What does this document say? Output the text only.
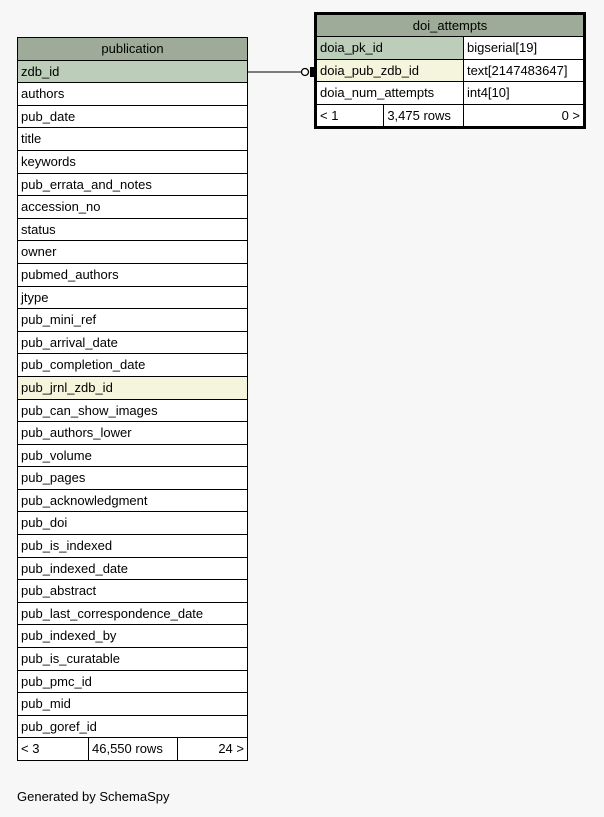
publication
zdb_id
authors
pub_date
title
keywords
pub_errata_and_notes
accession_no
status
owner
pubmed_authors
jtype
pub_mini_ref
pub_arrival_date
pub_completion_date
pub_jrnl_zdb_id
pub_can_show_images
pub_authors_lower
pub_volume
pub_pages
pub_acknowledgment
pub_doi
pub_is_indexed
pub_indexed_date
pub_abstract
pub_last_correspondence_date
pub_indexed_by
pub_is_curatable
pub_pmc_id
pub_mid
pub_goref_id
< 3	46,550 rows	24 >
doi_attempts		
doia_pk_id		bigserial[19]
doia_pub_zdb_id		text[2147483647]
doia_num_attempts		int4[10]
< 1	3,475 rows	0 >
Generated by SchemaSpy
